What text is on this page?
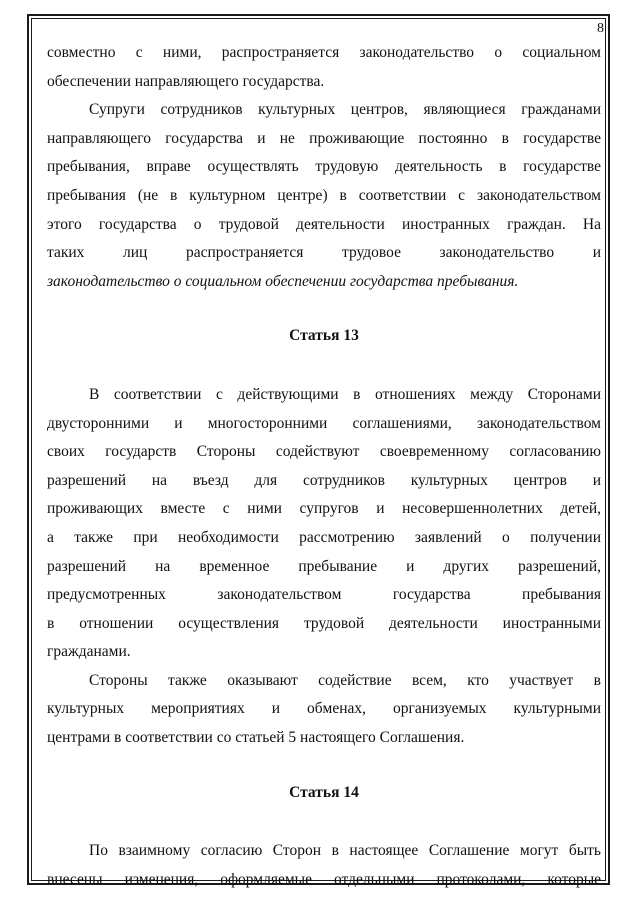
8

совместно с ними, распространяется законодательство о социальном
обеспечении направляющего государства.

Супруги сотрудников культурных центров, являющиеся гражданами
направляющего государства и не проживающие постоянно в государстве
пребывания, вправе осуществлять трудовую деятельность в государстве
пребывания (не в культурном центре) в соответствии с законодательством
этого государства о трудовой деятельности иностранных граждан. На
таких лиц распространяется трудовое законодательство и
законодательство о социальном обеспечении государства пребывания.

Статья 13

В соответствии с действующими в отношениях между Сторонами
двусторонними и многосторонними соглашениями, законодательством
своих государств Стороны содействуют своевременному согласованию
разрешений на въезд для сотрудников культурных центров и
проживающих вместе с ними супругов и несовершеннолетних детей,
а также при необходимости рассмотрению заявлений о получении
разрешений на временное пребывание и других разрешений,
предусмотренных законодательством государства пребывания
в отношении осуществления трудовой деятельности иностранными
гражданами.

Стороны также оказывают содействие всем, кто участвует в
культурных мероприятиях и обменах, организуемых культурными
центрами в соответствии со статьей 5 настоящего Соглашения.

Статья 14

По взаимному согласию Сторон в настоящее Соглашение могут быть
внесены изменения, оформляемые отдельными протоколами, которые
